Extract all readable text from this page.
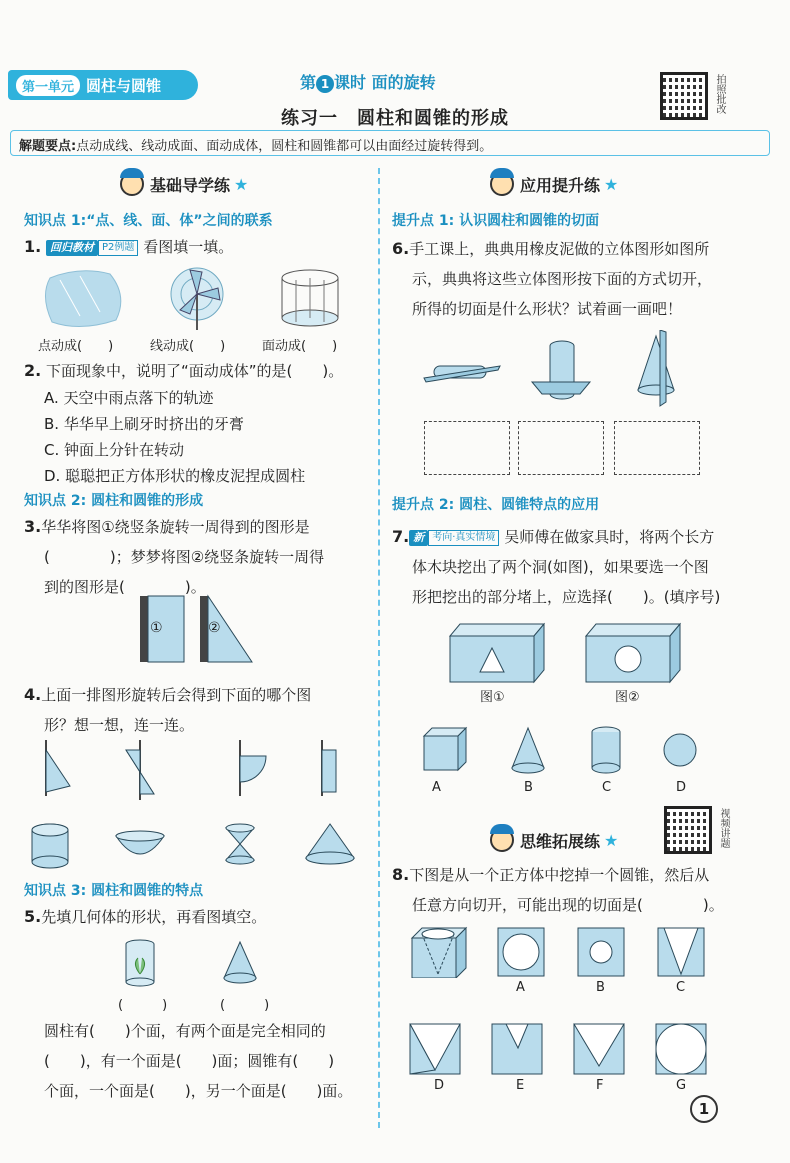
第一单元 圆柱与圆锥	第 1 课时 面的旋转	拍照批改
练习一　圆柱和圆锥的形成
解题要点:点动成线、线动成面、面动成体，圆柱和圆锥都可以由面经过旋转得到。
基础导学练 ★
知识点 1:“点、线、面、体”之间的联系
1. 回归教材 P2例题 看图填一填。
点动成(　　)	线动成(　　)	面动成(　　)
2. 下面现象中，说明了“面动成体”的是(　　)。
A. 天空中雨点落下的轨迹
B. 华华早上刷牙时挤出的牙膏
C. 钟面上分针在转动
D. 聪聪把正方体形状的橡皮泥捏成圆柱
知识点 2: 圆柱和圆锥的形成
3.华华将图①绕竖条旋转一周得到的图形是
(　　　　)；梦梦将图②绕竖条旋转一周得
到的图形是(　　　　)。
①	②
4.上面一排图形旋转后会得到下面的哪个图
形？想一想，连一连。
知识点 3: 圆柱和圆锥的特点
5.先填几何体的形状，再看图填空。
(　　　)	(　　　)
圆柱有(　　)个面，有两个面是完全相同的
(　　)，有一个面是(　　)面；圆锥有(　　)
个面，一个面是(　　)，另一个面是(　　)面。
应用提升练 ★
提升点 1: 认识圆柱和圆锥的切面
6.手工课上，典典用橡皮泥做的立体图形如图所
示，典典将这些立体图形按下面的方式切开，
所得的切面是什么形状？试着画一画吧！
提升点 2: 圆柱、圆锥特点的应用
7. 新 考向·真实情境 吴师傅在做家具时，将两个长方
体木块挖出了两个洞(如图)，如果要选一个图
形把挖出的部分堵上，应选择(　　)。(填序号)
图①	图②
A	B	C	D
思维拓展练 ★	视频讲题
8.下图是从一个正方体中挖掉一个圆锥，然后从
任意方向切开，可能出现的切面是(　　　　)。
A	B	C
D	E	F	G
1
